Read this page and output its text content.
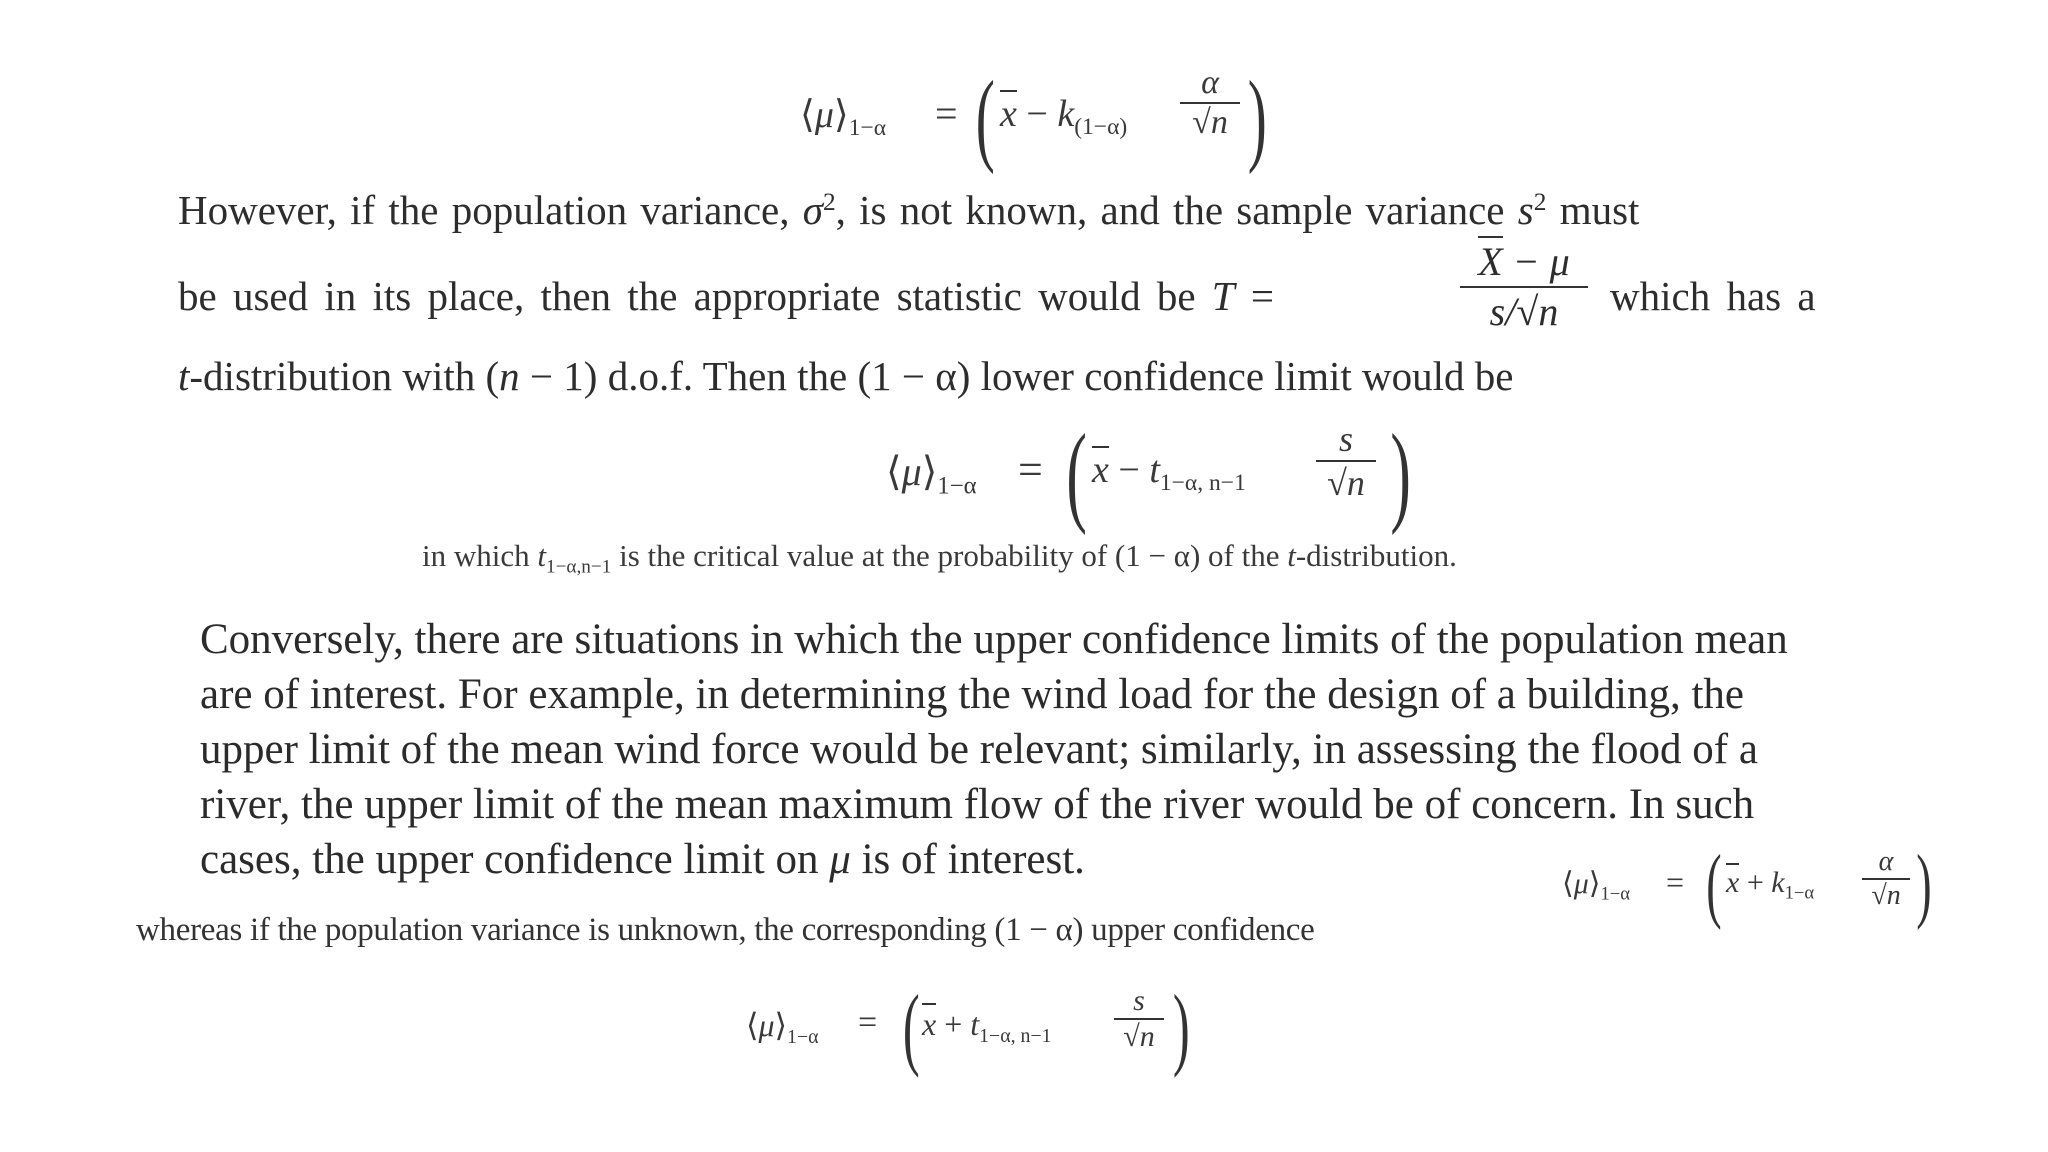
$⟨\mu⟩_{1-\alpha}$ = ( $x - k_{(1-\alpha)}$
α
√n )
However, if the population variance, $\sigma^2$, is not known, and the sample variance $s^2$ must
be used in its place, then the appropriate statistic would be T =
X − μ
s/√n	which has a
t-distribution with (n − 1) d.o.f. Then the (1 − α) lower confidence limit would be
$⟨\mu⟩_{1-\alpha}$ = ( $x - t_{1-\alpha, n-1}$
s
√n )
in which $t_{1-\alpha,n-1}$ is the critical value at the probability of (1 − α) of the t-distribution.
Conversely, there are situations in which the upper confidence limits of the population mean
are of interest. For example, in determining the wind load for the design of a building, the
upper limit of the mean wind force would be relevant; similarly, in assessing the flood of a
river, the upper limit of the mean maximum flow of the river would be of concern. In such
cases, the upper confidence limit on μ is of interest.
$⟨\mu⟩_{1-\alpha}$ = ( $x + k_{1-\alpha}$
α
√n )
whereas if the population variance is unknown, the corresponding (1 − α) upper confidence
$⟨\mu⟩_{1-\alpha}$ = ( $x + t_{1-\alpha, n-1}$
s
√n )
